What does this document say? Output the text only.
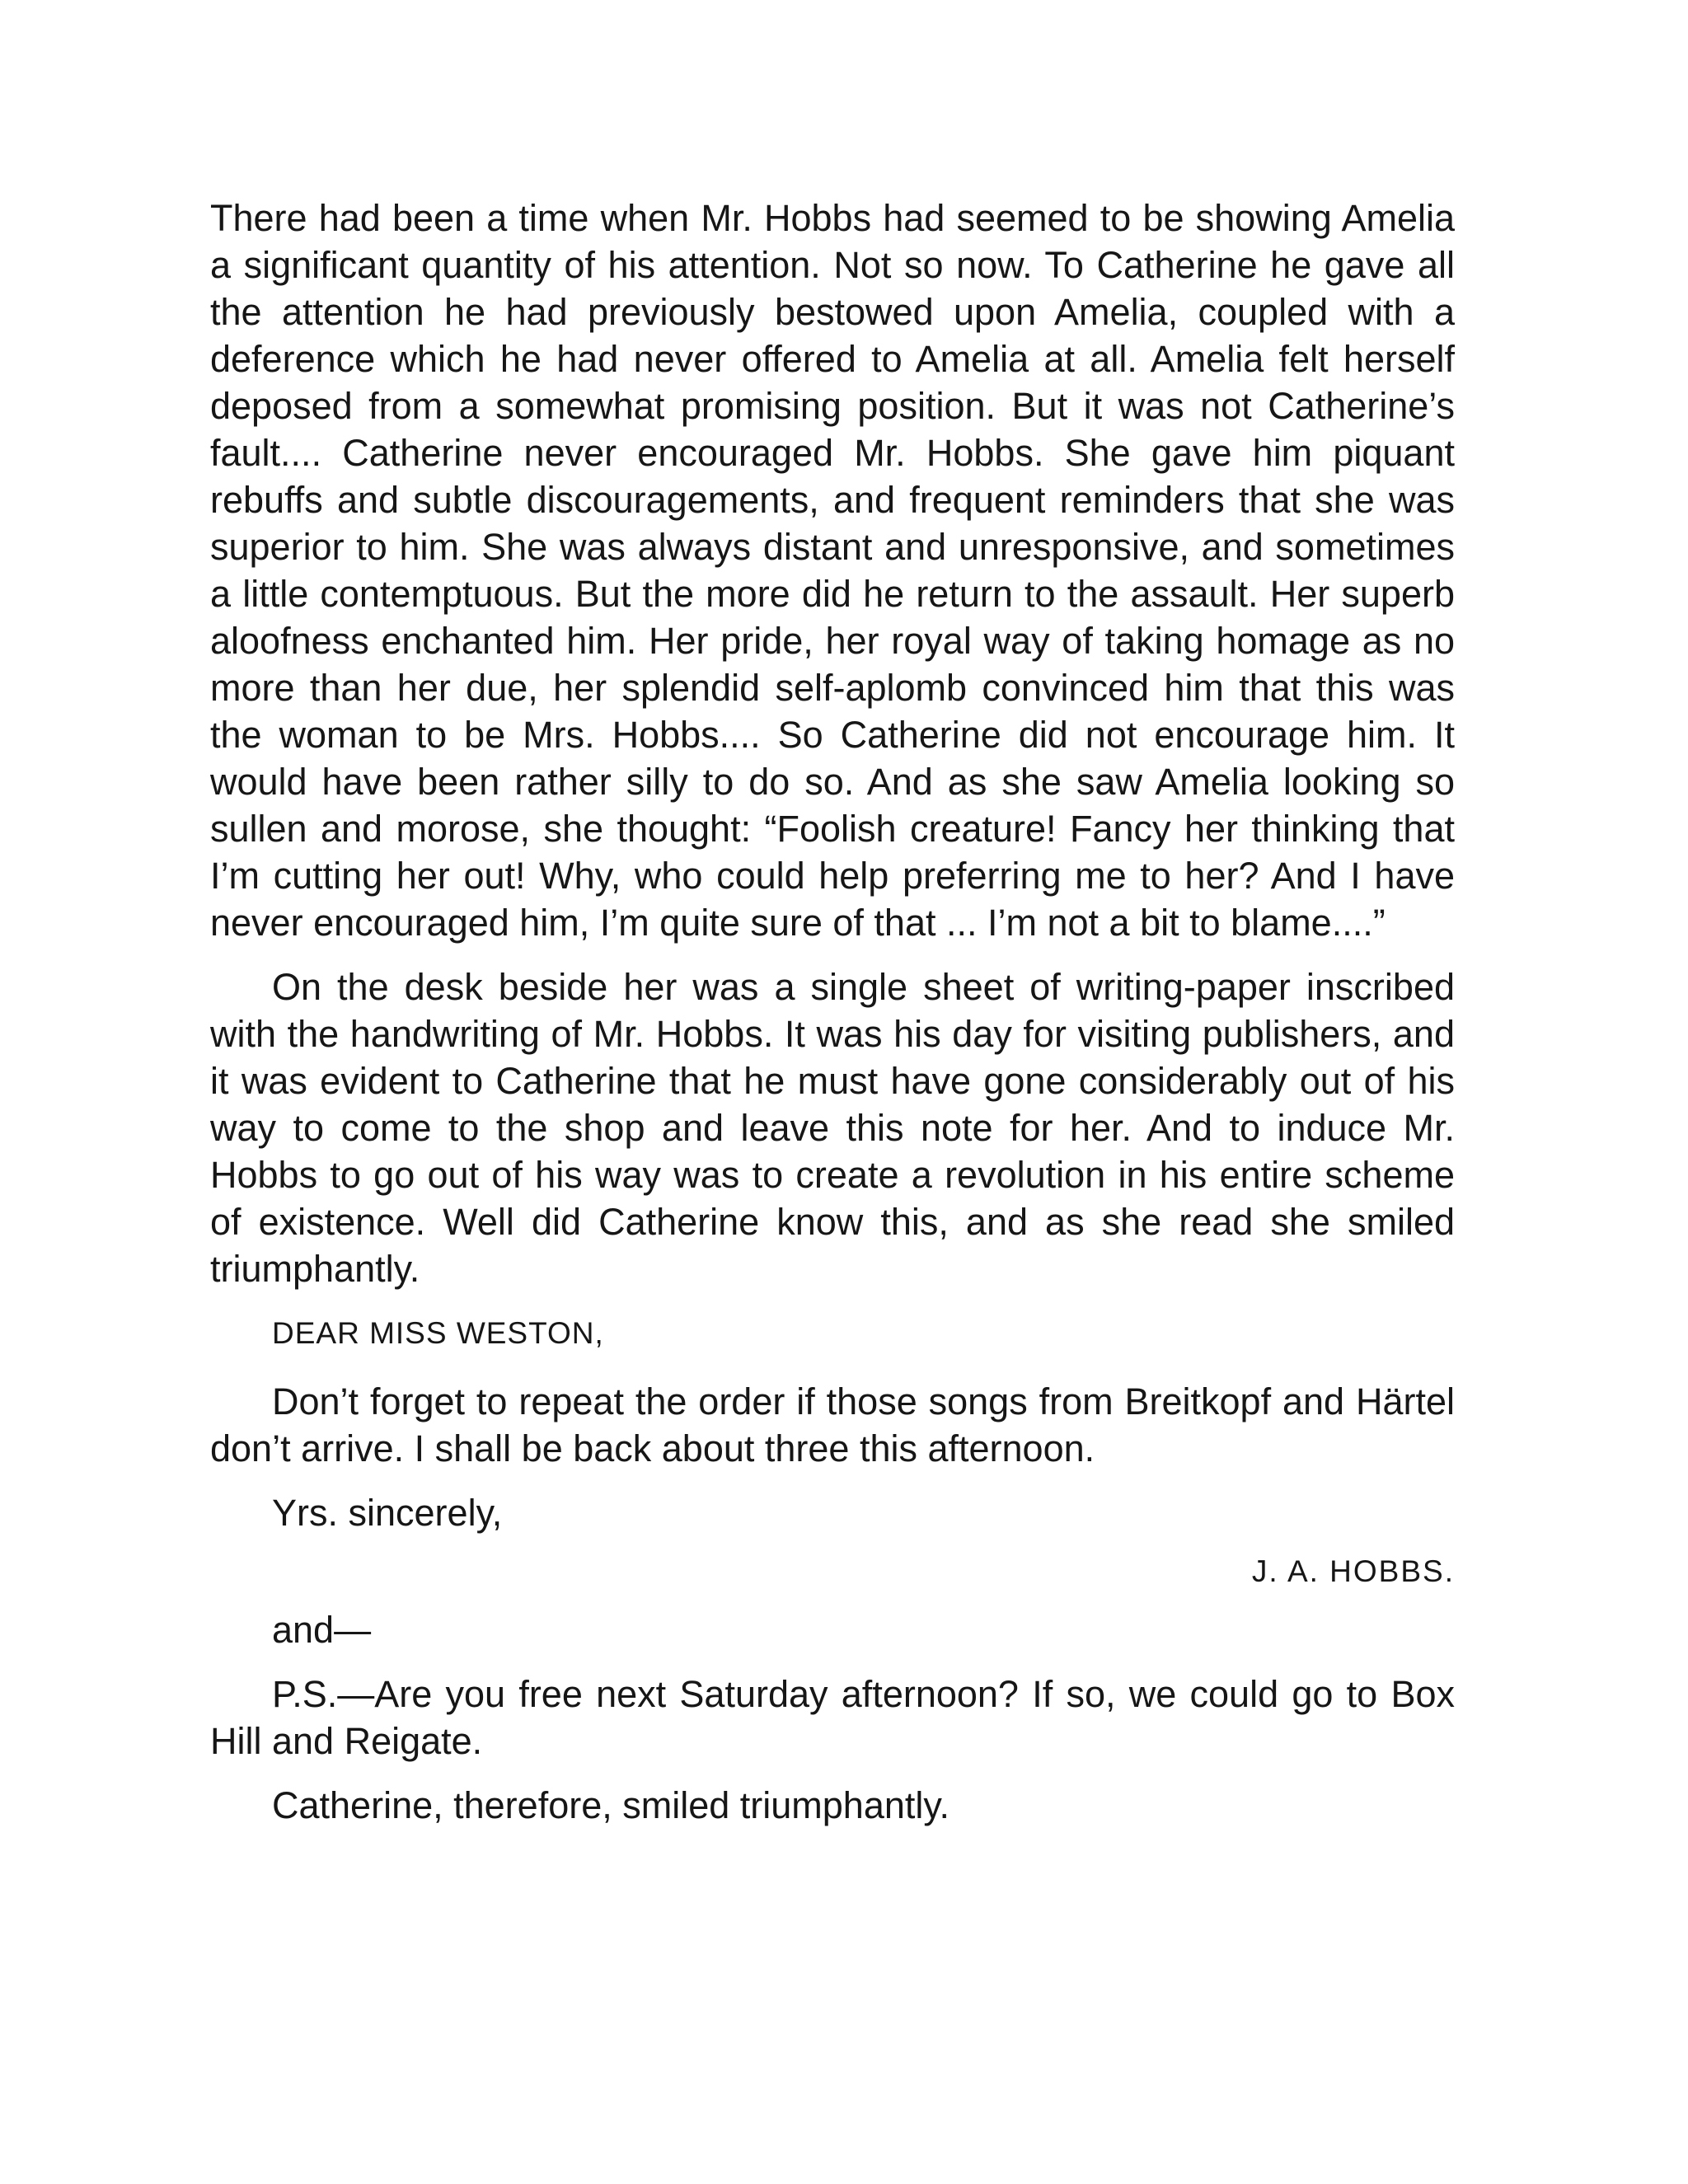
There had been a time when Mr. Hobbs had seemed to be showing Amelia a significant quantity of his attention. Not so now. To Catherine he gave all the attention he had previously bestowed upon Amelia, coupled with a deference which he had never offered to Amelia at all. Amelia felt herself deposed from a somewhat promising position. But it was not Catherine’s fault.... Catherine never encouraged Mr. Hobbs. She gave him piquant rebuffs and subtle discouragements, and frequent reminders that she was superior to him. She was always distant and unresponsive, and sometimes a little contemptuous. But the more did he return to the assault. Her superb aloofness enchanted him. Her pride, her royal way of taking homage as no more than her due, her splendid self-aplomb convinced him that this was the woman to be Mrs. Hobbs.... So Catherine did not encourage him. It would have been rather silly to do so. And as she saw Amelia looking so sullen and morose, she thought: “Foolish creature! Fancy her thinking that I’m cutting her out! Why, who could help preferring me to her? And I have never encouraged him, I’m quite sure of that ... I’m not a bit to blame....”

On the desk beside her was a single sheet of writing-paper inscribed with the handwriting of Mr. Hobbs. It was his day for visiting publishers, and it was evident to Catherine that he must have gone considerably out of his way to come to the shop and leave this note for her. And to induce Mr. Hobbs to go out of his way was to create a revolution in his entire scheme of existence. Well did Catherine know this, and as she read she smiled triumphantly.

DEAR MISS WESTON,

Don’t forget to repeat the order if those songs from Breitkopf and Härtel don’t arrive. I shall be back about three this afternoon.

Yrs. sincerely,

J. A. HOBBS.

and—

P.S.—Are you free next Saturday afternoon? If so, we could go to Box Hill and Reigate.

Catherine, therefore, smiled triumphantly.
